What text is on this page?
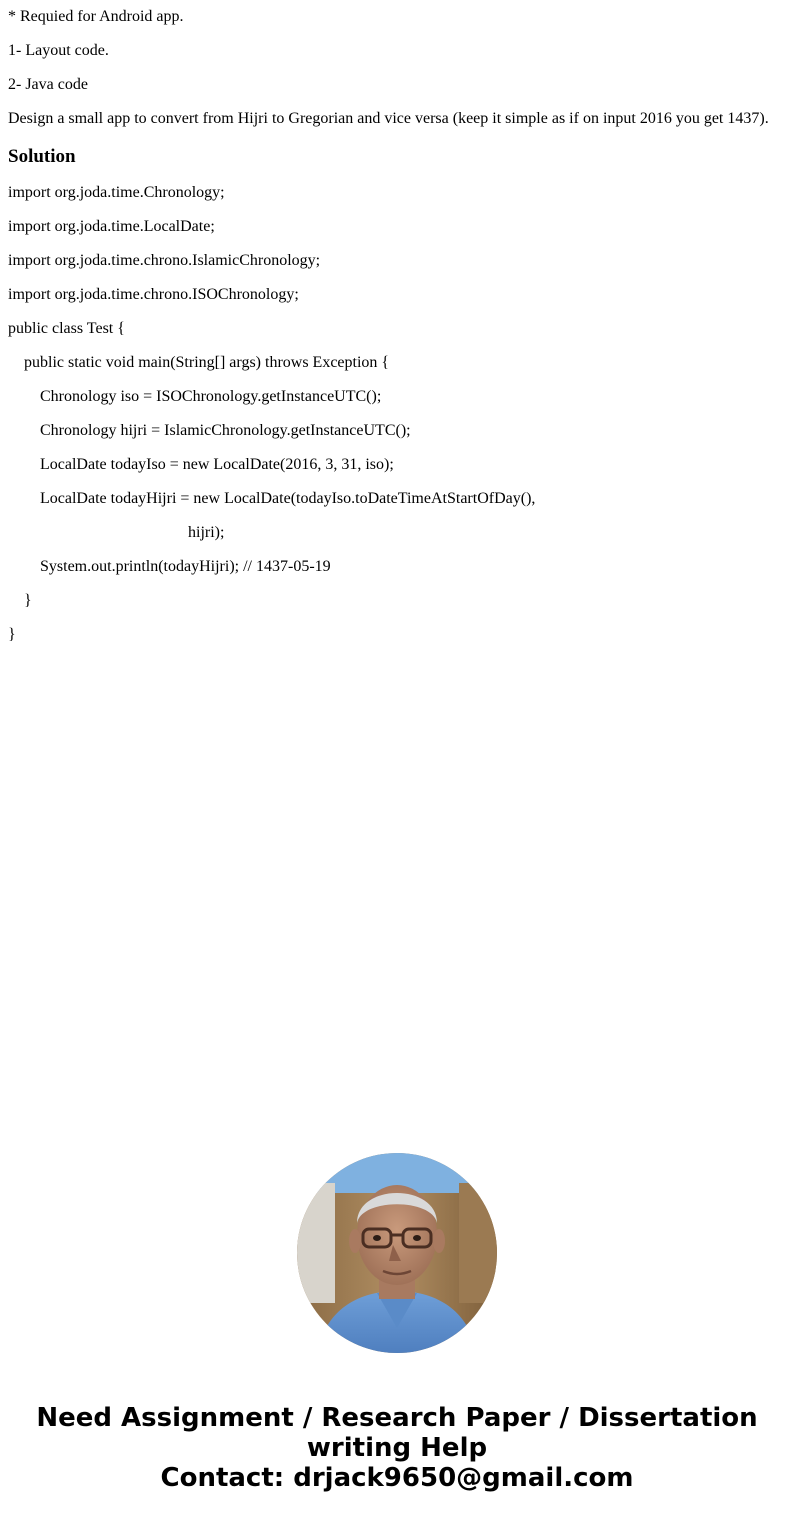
* Requied for Android app.

1- Layout code.

2- Java code

Design a small app to convert from Hijri to Gregorian and vice versa (keep it simple as if on input 2016 you get 1437).

Solution

import org.joda.time.Chronology;

import org.joda.time.LocalDate;

import org.joda.time.chrono.IslamicChronology;

import org.joda.time.chrono.ISOChronology;

public class Test {

public static void main(String[] args) throws Exception {

Chronology iso = ISOChronology.getInstanceUTC();

Chronology hijri = IslamicChronology.getInstanceUTC();

LocalDate todayIso = new LocalDate(2016, 3, 31, iso);

LocalDate todayHijri = new LocalDate(todayIso.toDateTimeAtStartOfDay(),

hijri);

System.out.println(todayHijri); // 1437-05-19

}

}

Need Assignment / Research Paper / Dissertation
writing Help
Contact: drjack9650@gmail.com
